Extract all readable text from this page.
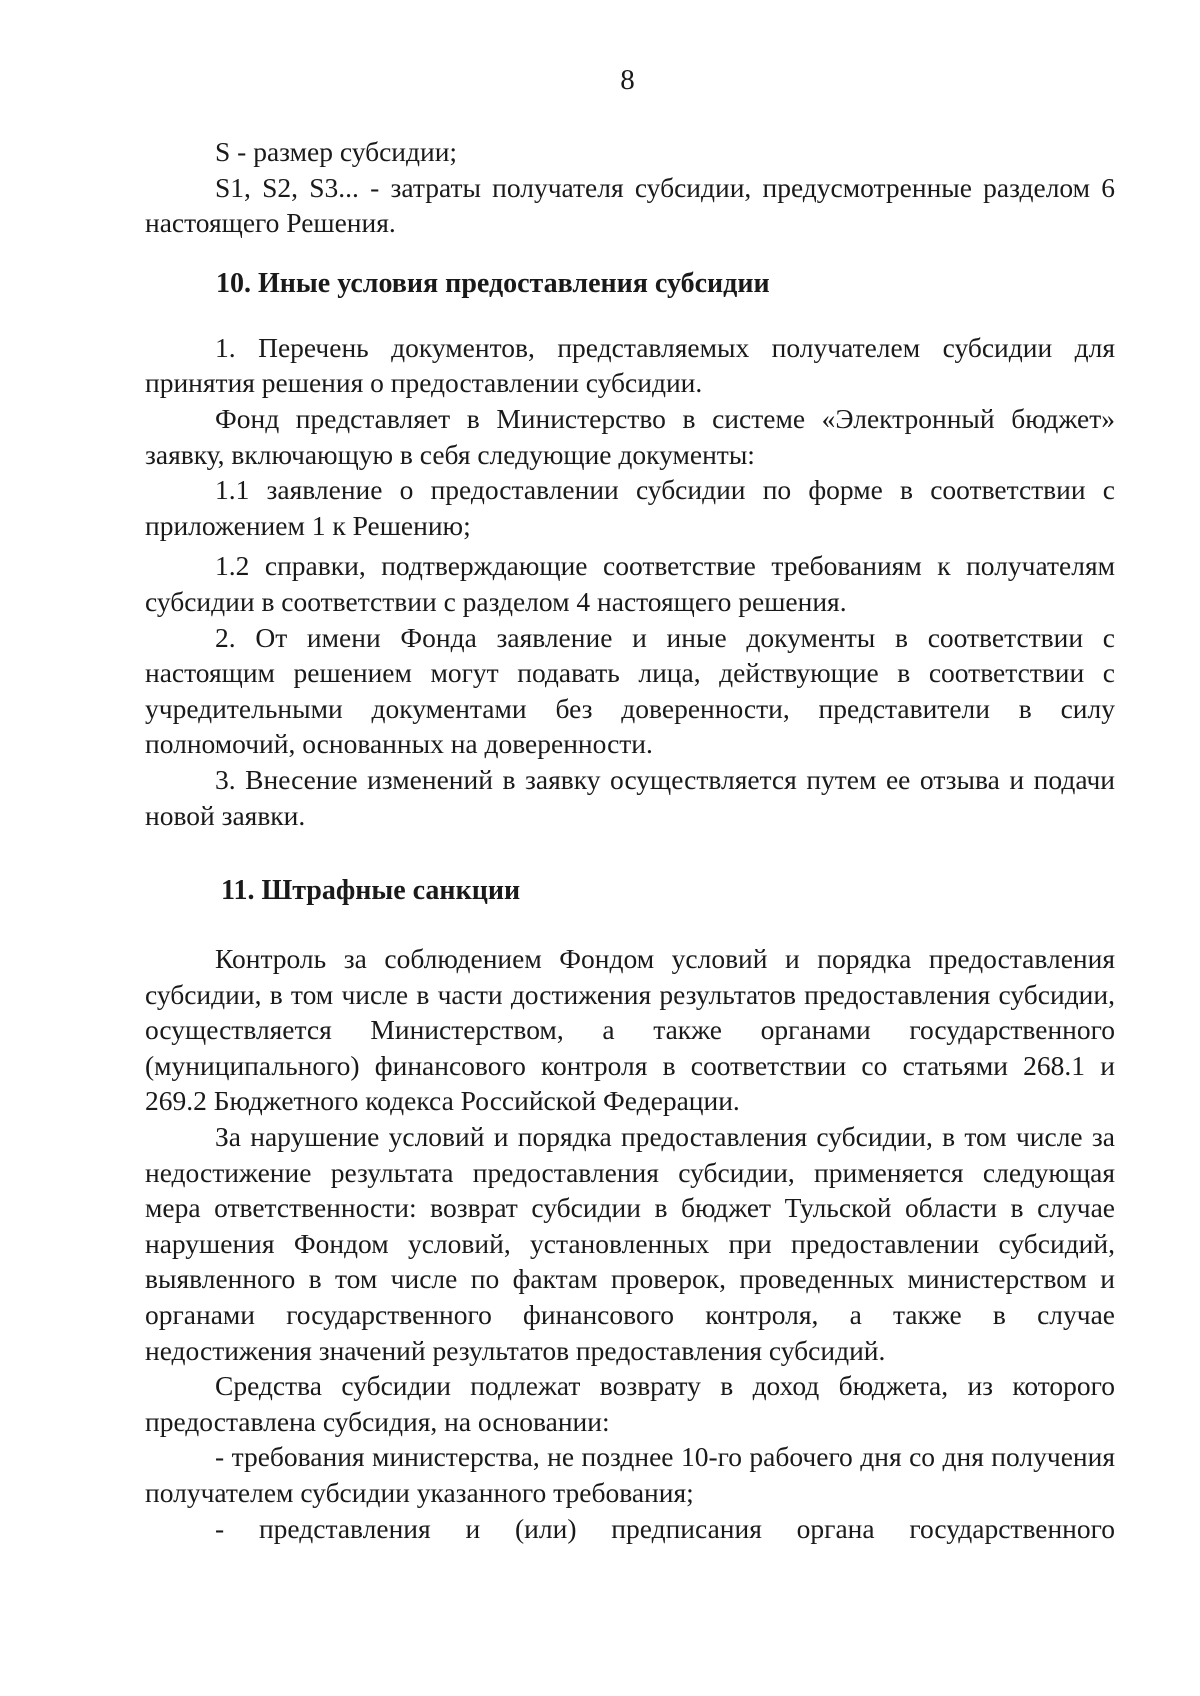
8

S - размер субсидии;

S1, S2, S3... - затраты получателя субсидии, предусмотренные разделом 6 настоящего Решения.

10. Иные условия предоставления субсидии

1. Перечень документов, представляемых получателем субсидии для принятия решения о предоставлении субсидии.

Фонд представляет в Министерство в системе «Электронный бюджет» заявку, включающую в себя следующие документы:

1.1 заявление о предоставлении субсидии по форме в соответствии с приложением 1 к Решению;

1.2 справки, подтверждающие соответствие требованиям к получателям субсидии в соответствии с разделом 4 настоящего решения.

2. От имени Фонда заявление и иные документы в соответствии с настоящим решением могут подавать лица, действующие в соответствии с учредительными документами без доверенности, представители в силу полномочий, основанных на доверенности.

3. Внесение изменений в заявку осуществляется путем ее отзыва и подачи новой заявки.

11. Штрафные санкции

Контроль за соблюдением Фондом условий и порядка предоставления субсидии, в том числе в части достижения результатов предоставления субсидии, осуществляется Министерством, а также органами государственного (муниципального) финансового контроля в соответствии со статьями 268.1 и 269.2 Бюджетного кодекса Российской Федерации.

За нарушение условий и порядка предоставления субсидии, в том числе за недостижение результата предоставления субсидии, применяется следующая мера ответственности: возврат субсидии в бюджет Тульской области в случае нарушения Фондом условий, установленных при предоставлении субсидий, выявленного в том числе по фактам проверок, проведенных министерством и органами государственного финансового контроля, а также в случае недостижения значений результатов предоставления субсидий.

Средства субсидии подлежат возврату в доход бюджета, из которого предоставлена субсидия, на основании:

- требования министерства, не позднее 10-го рабочего дня со дня получения получателем субсидии указанного требования;

- представления и (или) предписания органа государственного
